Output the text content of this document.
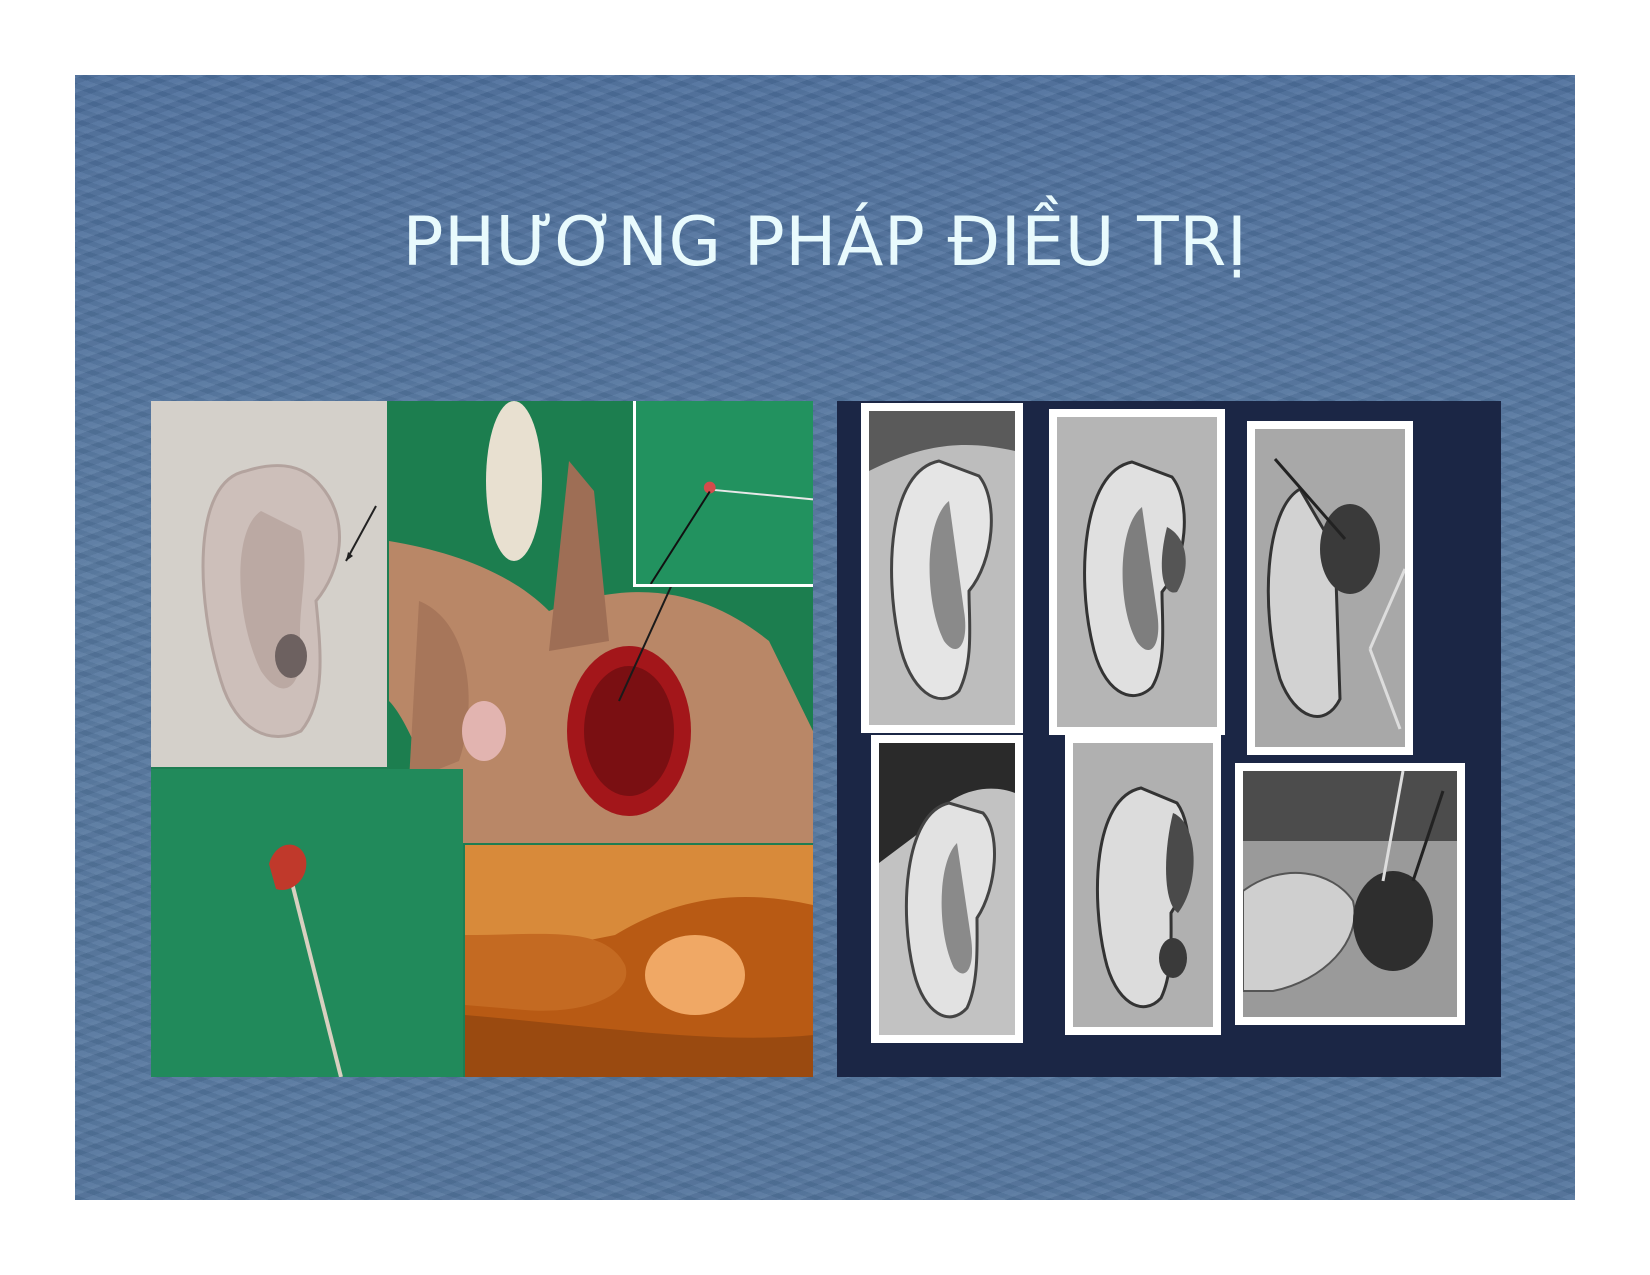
PHƯƠNG PHÁP ĐIỀU TRỊ
